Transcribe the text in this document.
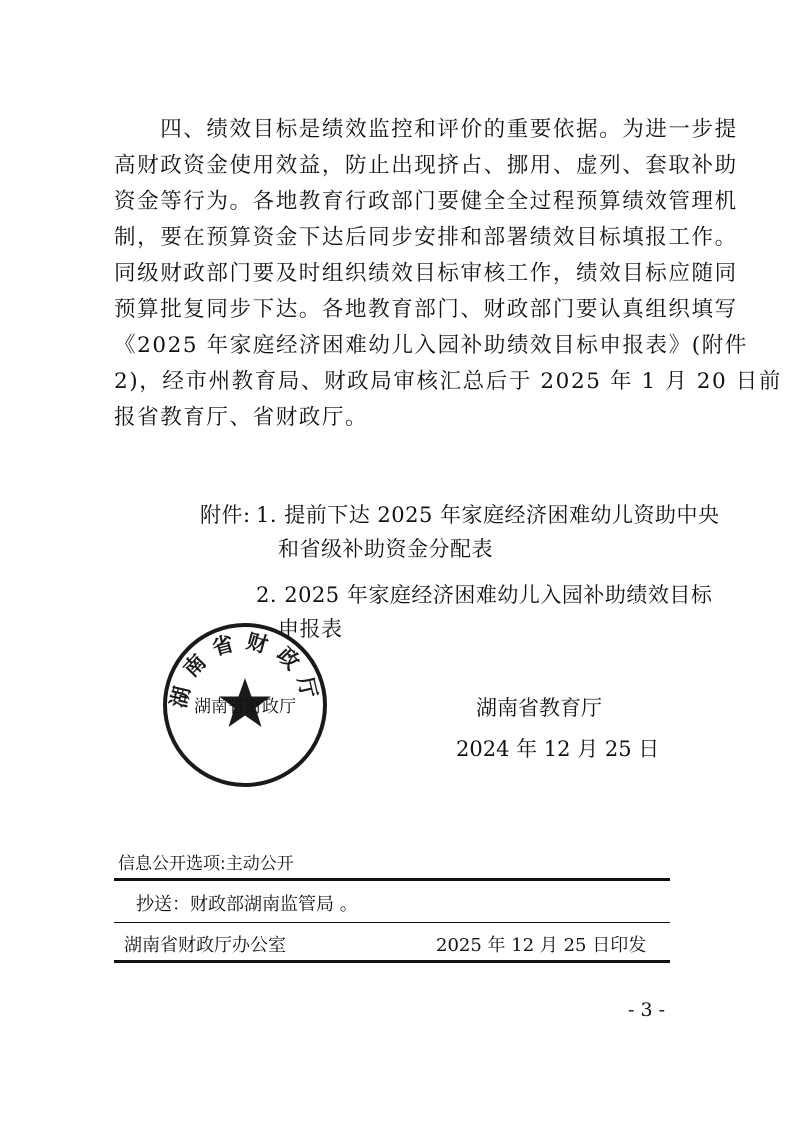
　　四、绩效目标是绩效监控和评价的重要依据。为进一步提
高财政资金使用效益，防止出现挤占、挪用、虚列、套取补助
资金等行为。各地教育行政部门要健全全过程预算绩效管理机
制，要在预算资金下达后同步安排和部署绩效目标填报工作。
同级财政部门要及时组织绩效目标审核工作，绩效目标应随同
预算批复同步下达。各地教育部门、财政部门要认真组织填写
《2025 年家庭经济困难幼儿入园补助绩效目标申报表》(附件
2)，经市州教育局、财政局审核汇总后于 2025 年 1 月 20 日前
报省教育厅、省财政厅。
附件: 1. 提前下达 2025 年家庭经济困难幼儿资助中央
和省级补助资金分配表
2. 2025 年家庭经济困难幼儿入园补助绩效目标
申报表
湖南省财政厅
湖南省财政厅	湖南省教育厅
2024 年 12 月 25 日
信息公开选项:主动公开
抄送：财政部湖南监管局 。
湖南省财政厅办公室	2025 年 12 月 25 日印发
- 3 -
